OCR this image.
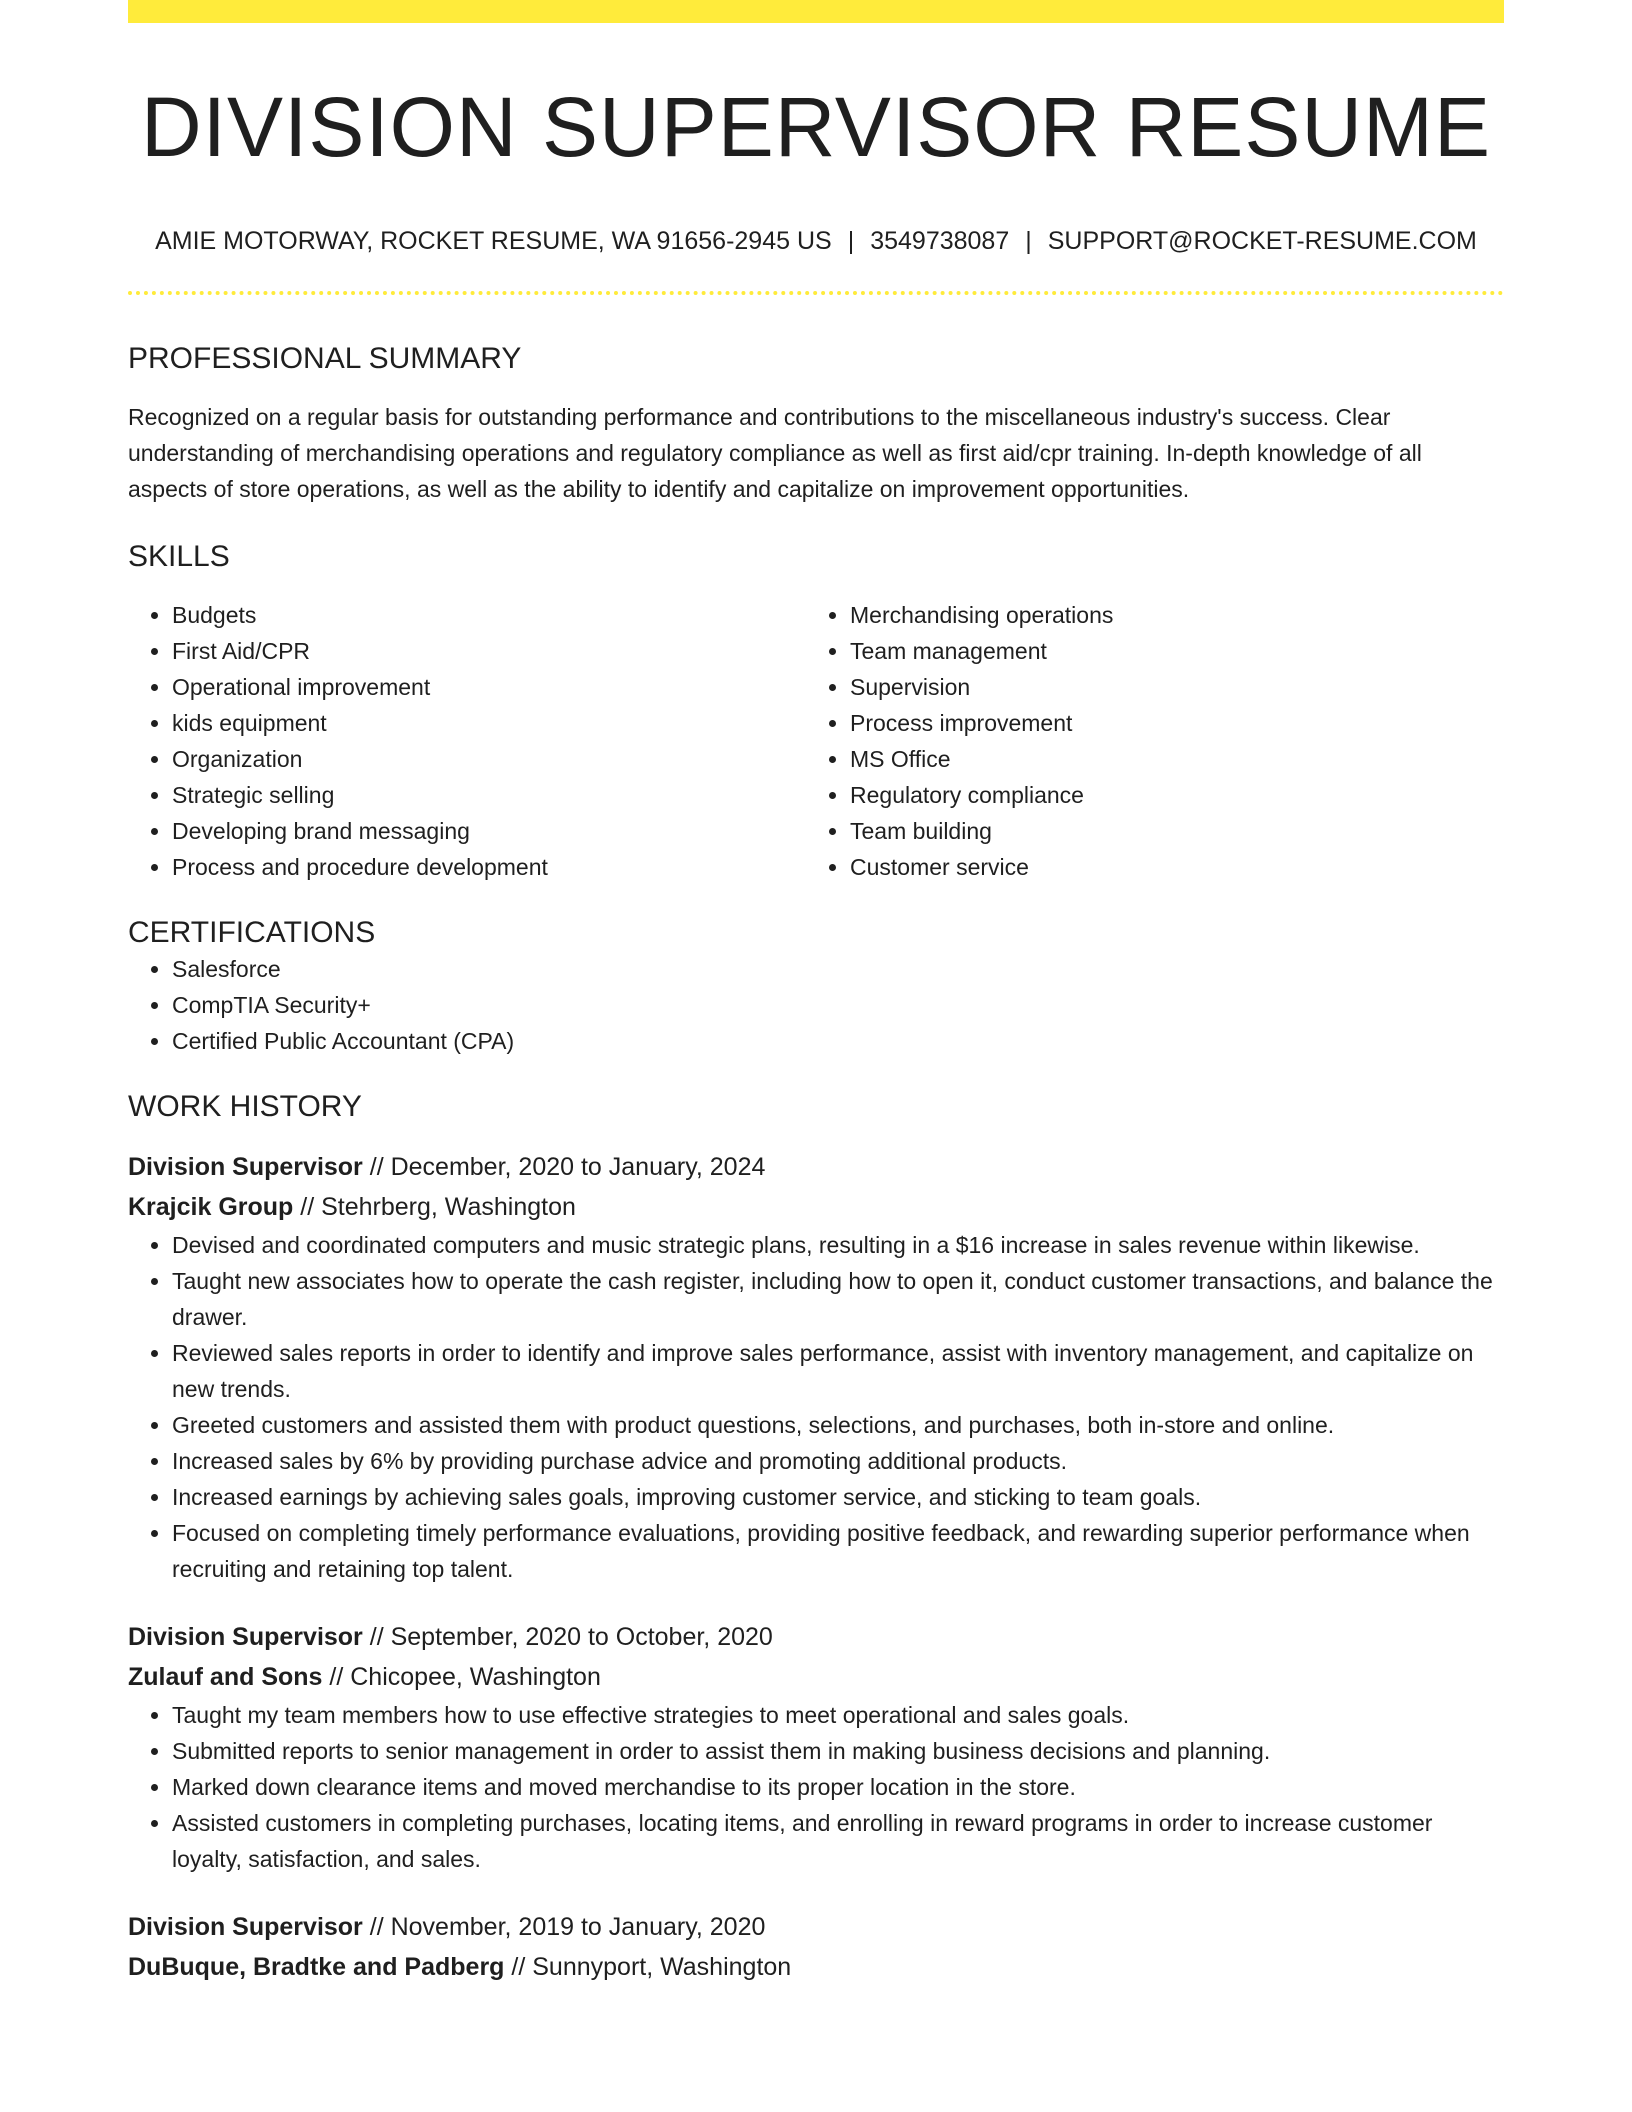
DIVISION SUPERVISOR RESUME
AMIE MOTORWAY, ROCKET RESUME, WA 91656-2945 US | 3549738087 | SUPPORT@ROCKET-RESUME.COM
PROFESSIONAL SUMMARY
Recognized on a regular basis for outstanding performance and contributions to the miscellaneous industry's success. Clear understanding of merchandising operations and regulatory compliance as well as first aid/cpr training. In-depth knowledge of all aspects of store operations, as well as the ability to identify and capitalize on improvement opportunities.
SKILLS
• Budgets
• First Aid/CPR
• Operational improvement
• kids equipment
• Organization
• Strategic selling
• Developing brand messaging
• Process and procedure development
• Merchandising operations
• Team management
• Supervision
• Process improvement
• MS Office
• Regulatory compliance
• Team building
• Customer service
CERTIFICATIONS
• Salesforce
• CompTIA Security+
• Certified Public Accountant (CPA)
WORK HISTORY
Division Supervisor // December, 2020 to January, 2024
Krajcik Group // Stehrberg, Washington
• Devised and coordinated computers and music strategic plans, resulting in a $16 increase in sales revenue within likewise.
• Taught new associates how to operate the cash register, including how to open it, conduct customer transactions, and balance the drawer.
• Reviewed sales reports in order to identify and improve sales performance, assist with inventory management, and capitalize on new trends.
• Greeted customers and assisted them with product questions, selections, and purchases, both in-store and online.
• Increased sales by 6% by providing purchase advice and promoting additional products.
• Increased earnings by achieving sales goals, improving customer service, and sticking to team goals.
• Focused on completing timely performance evaluations, providing positive feedback, and rewarding superior performance when recruiting and retaining top talent.
Division Supervisor // September, 2020 to October, 2020
Zulauf and Sons // Chicopee, Washington
• Taught my team members how to use effective strategies to meet operational and sales goals.
• Submitted reports to senior management in order to assist them in making business decisions and planning.
• Marked down clearance items and moved merchandise to its proper location in the store.
• Assisted customers in completing purchases, locating items, and enrolling in reward programs in order to increase customer loyalty, satisfaction, and sales.
Division Supervisor // November, 2019 to January, 2020
DuBuque, Bradtke and Padberg // Sunnyport, Washington
